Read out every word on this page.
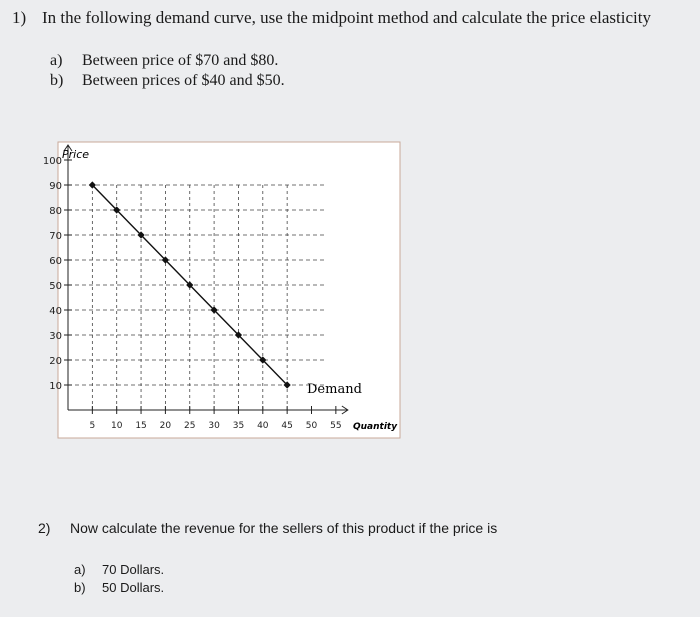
1) In the following demand curve, use the midpoint method and calculate the price elasticity
a) Between price of $70 and $80.
b) Between prices of $40 and $50.
100
90
80
70
60
50
40
30
20
10
5 10 15 20 25 30 35 40 45 50 55
Price
Quantity
Demand
2) Now calculate the revenue for the sellers of this product if the price is
a) 70 Dollars.
b) 50 Dollars.
